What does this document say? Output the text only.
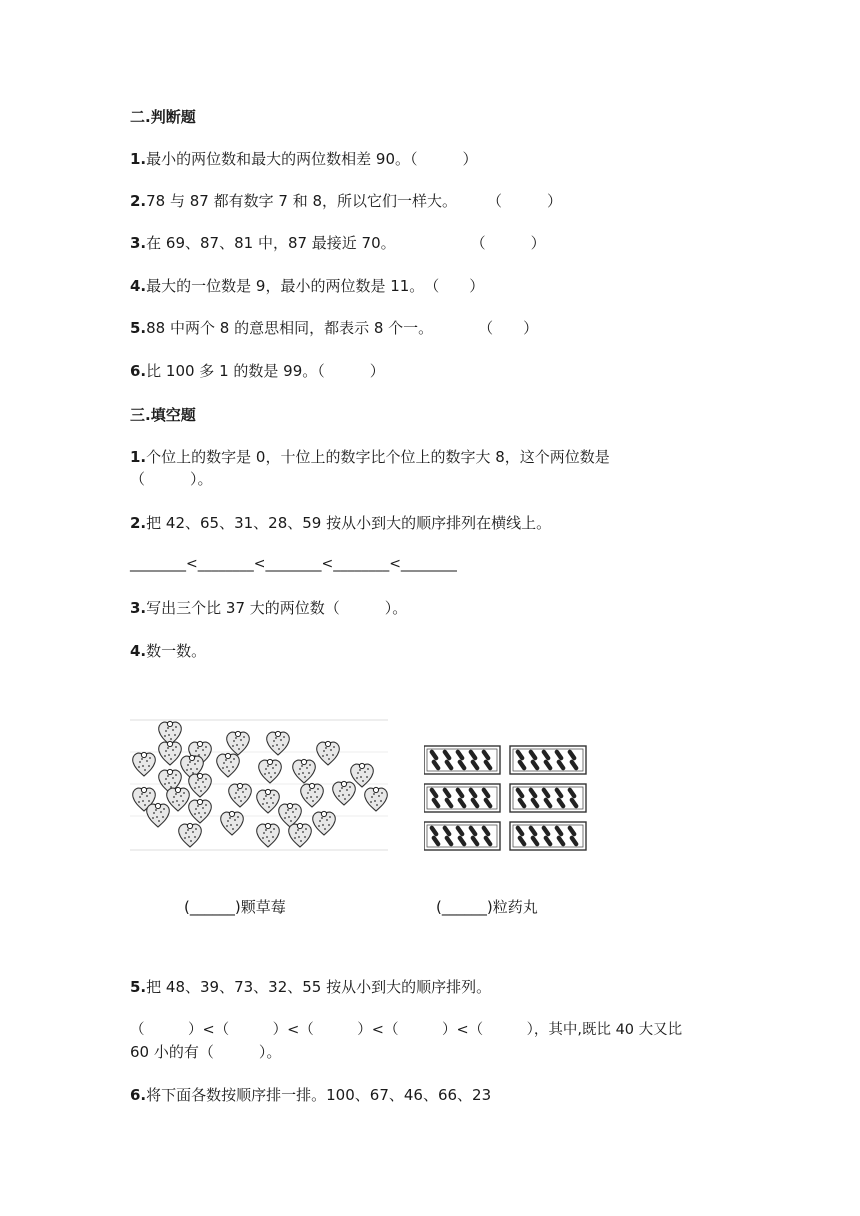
二.判断题
1.最小的两位数和最大的两位数相差 90。（　　　）
2.78 与 87 都有数字 7 和 8，所以它们一样大。　　　（　　　）
3.在 69、87、81 中，87 最接近 70。　　　　　　（　　　）
4.最大的一位数是 9，最小的两位数是 11。　（　　）
5.88 中两个 8 的意思相同，都表示 8 个一。　　　　（　　）
6.比 100 多 1 的数是 99。（　　　）
三.填空题
1.个位上的数字是 0，十位上的数字比个位上的数字大 8，这个两位数是
（　　　）。
2.把 42、65、31、28、59 按从小到大的顺序排列在横线上。
________<________<________<________<________
3.写出三个比 37 大的两位数（　　　）。
4.数一数。
(______)颗草莓	(______)粒药丸
5.把 48、39、73、32、55 按从小到大的顺序排列。
（　　　）<（　　　）<（　　　）<（　　　）<（　　　），其中,既比 40 大又比
60 小的有（　　　）。
6.将下面各数按顺序排一排。100、67、46、66、23
